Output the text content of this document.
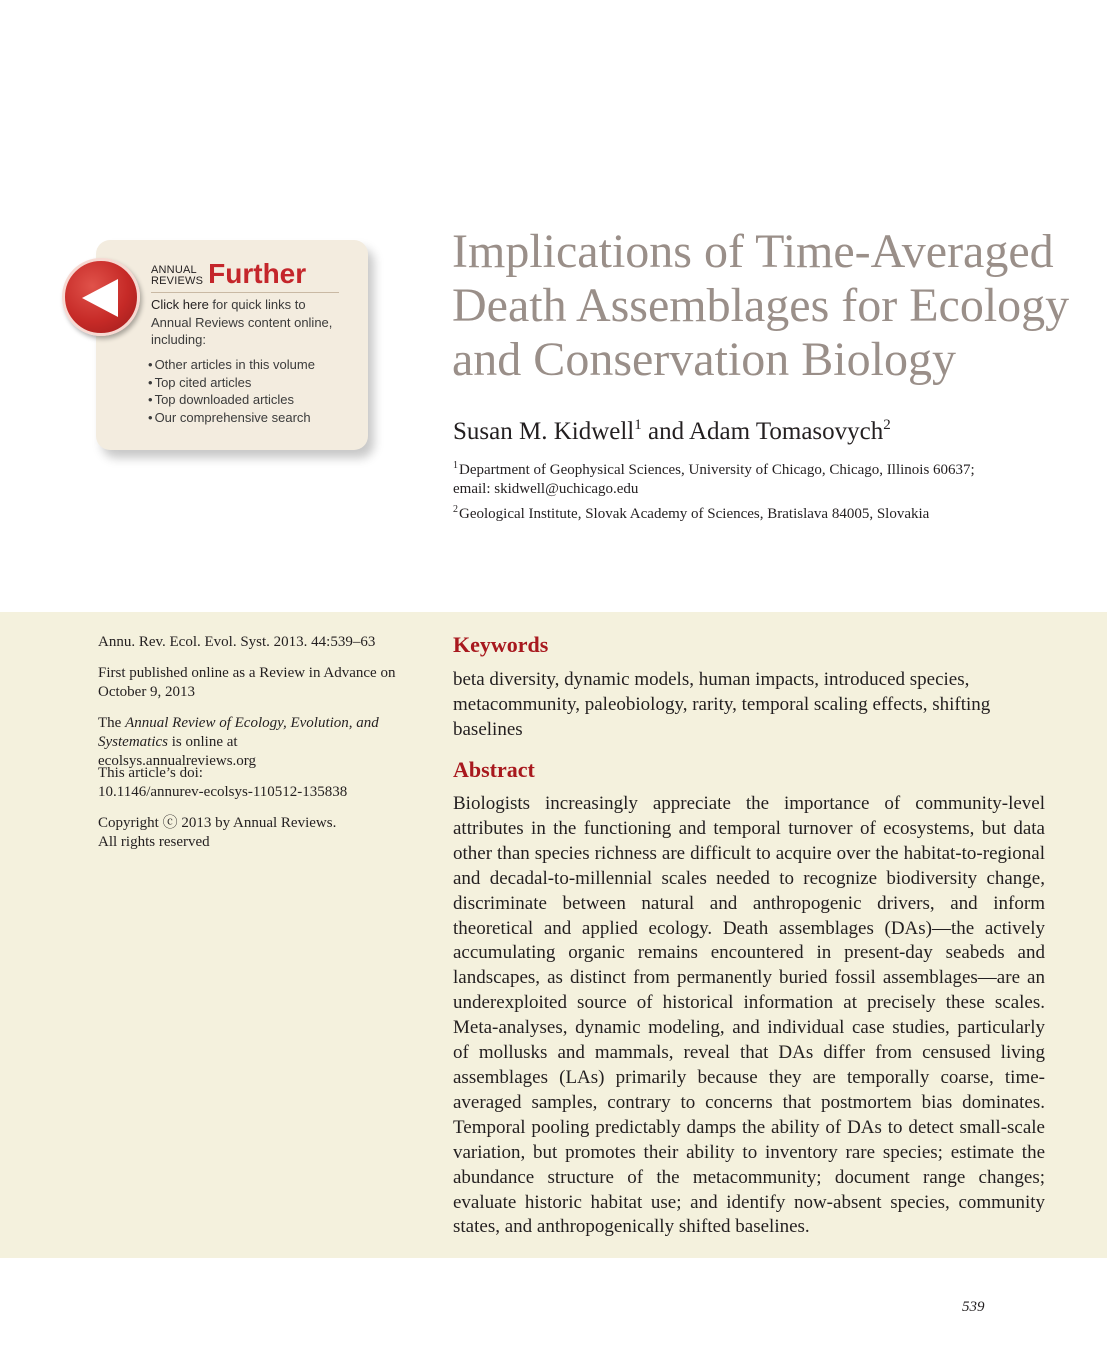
ANNUAL
REVIEWS Further
Click here for quick links to Annual Reviews content online, including:
• Other articles in this volume
• Top cited articles
• Top downloaded articles
• Our comprehensive search
Implications of Time-Averaged Death Assemblages for Ecology and Conservation Biology
Susan M. Kidwell$^1$ and Adam Tomasovych$^2$
$^1$Department of Geophysical Sciences, University of Chicago, Chicago, Illinois 60637; email: skidwell@uchicago.edu
$^2$Geological Institute, Slovak Academy of Sciences, Bratislava 84005, Slovakia
Annu. Rev. Ecol. Evol. Syst. 2013. 44:539–63
First published online as a Review in Advance on October 9, 2013
The Annual Review of Ecology, Evolution, and Systematics is online at ecolsys.annualreviews.org
This article’s doi:
10.1146/annurev-ecolsys-110512-135838
Copyright ⓒ 2013 by Annual Reviews.
All rights reserved
Keywords
beta diversity, dynamic models, human impacts, introduced species, metacommunity, paleobiology, rarity, temporal scaling effects, shifting baselines
Abstract
Biologists increasingly appreciate the importance of community-level attributes in the functioning and temporal turnover of ecosystems, but data other than species richness are difficult to acquire over the habitat-to-regional and decadal-to-millennial scales needed to recognize biodiversity change, discriminate between natural and anthropogenic drivers, and inform theoretical and applied ecology. Death assemblages (DAs)—the actively accumulating organic remains encountered in present-day seabeds and landscapes, as distinct from permanently buried fossil assemblages—are an underexploited source of historical information at precisely these scales. Meta-analyses, dynamic modeling, and individual case studies, particularly of mollusks and mammals, reveal that DAs differ from censused living assemblages (LAs) primarily because they are temporally coarse, time-averaged samples, contrary to concerns that postmortem bias dominates. Temporal pooling predictably damps the ability of DAs to detect small-scale variation, but promotes their ability to inventory rare species; estimate the abundance structure of the metacommunity; document range changes; evaluate historic habitat use; and identify now-absent species, community states, and anthropogenically shifted baselines.
539
